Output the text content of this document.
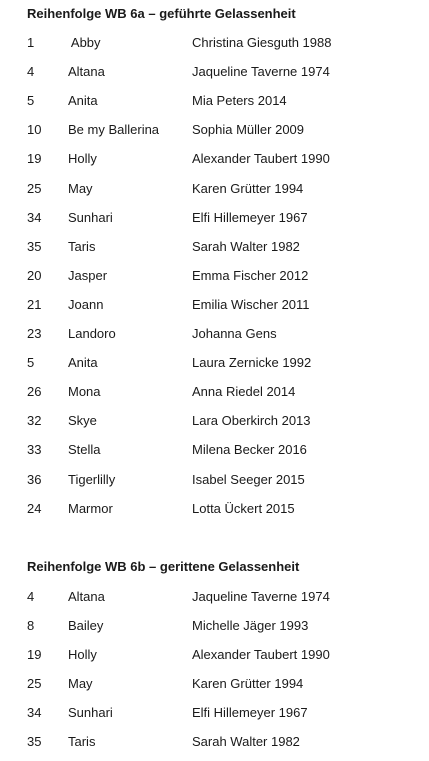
Reihenfolge WB 6a – geführte Gelassenheit
1	Abby	Christina Giesguth 1988
4	Altana	Jaqueline Taverne 1974
5	Anita	Mia Peters 2014
10 Be my Ballerina	Sophia Müller 2009
19 Holly	Alexander Taubert 1990
25 May	Karen Grütter 1994
34 Sunhari	Elfi Hillemeyer 1967
35 Taris	Sarah Walter 1982
20 Jasper	Emma Fischer 2012
21 Joann	Emilia Wischer 2011
23 Landoro	Johanna Gens
5	Anita	Laura Zernicke 1992
26 Mona	Anna Riedel 2014
32 Skye	Lara Oberkirch 2013
33 Stella	Milena Becker 2016
36 Tigerlilly	Isabel Seeger 2015
24 Marmor	Lotta Ückert 2015
Reihenfolge WB 6b – gerittene Gelassenheit
4	Altana	Jaqueline Taverne 1974
8	Bailey	Michelle Jäger 1993
19 Holly	Alexander Taubert 1990
25 May	Karen Grütter 1994
34 Sunhari	Elfi Hillemeyer 1967
35 Taris	Sarah Walter 1982
